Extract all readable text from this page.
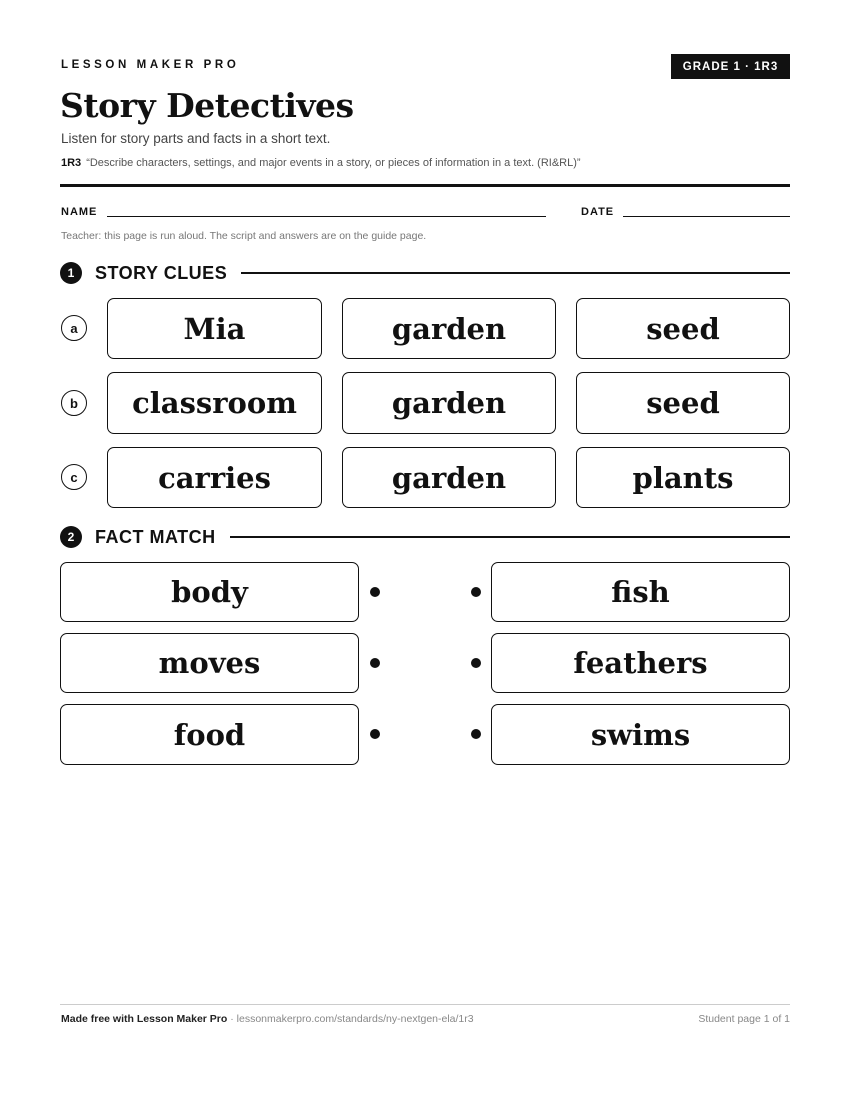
LESSON MAKER PRO	GRADE 1 · 1R3
Story Detectives
Listen for story parts and facts in a short text.
1R3 “Describe characters, settings, and major events in a story, or pieces of information in a text. (RI&RL)”
NAME	DATE
Teacher: this page is run aloud. The script and answers are on the guide page.
1	STORY CLUES
a	Mia	garden	seed
b	classroom	garden	seed
c	carries	garden	plants
2	FACT MATCH
body	fish
moves	feathers
food	swims
Made free with Lesson Maker Pro · lessonmakerpro.com/standards/ny-nextgen-ela/1r3	Student page 1 of 1
